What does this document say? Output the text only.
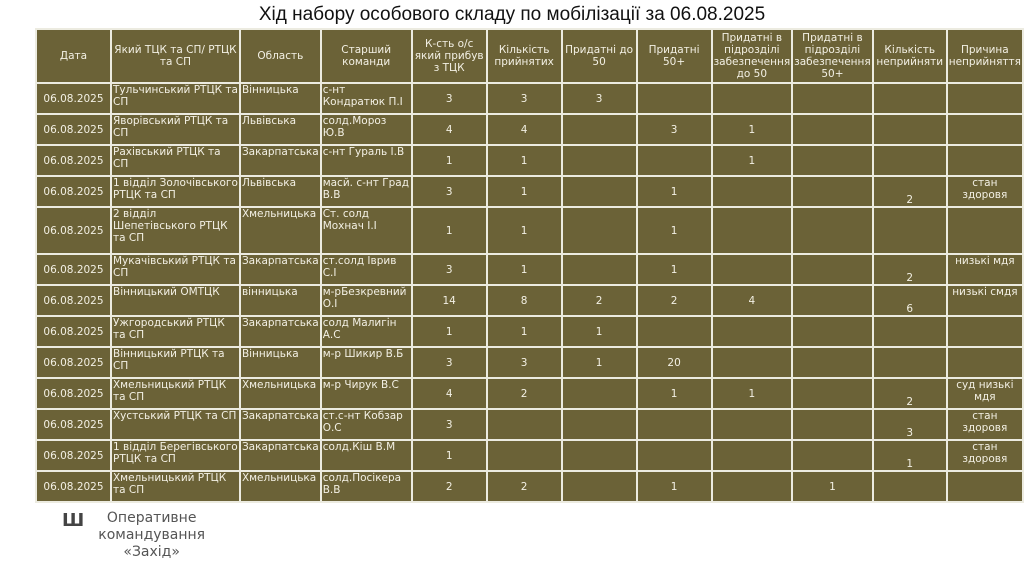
Хід набору особового складу по мобілізації за 06.08.2025
Дата	Який ТЦК та СП/ РТЦК та СП	Область	Старший команди	К-сть о/с який прибув з ТЦК	Кількість прийнятих	Придатні до 50	Придатні 50+	Придатні в підрозділі забезпечення до 50	Придатні в підрозділі забезпечення 50+	Кількість неприйняти	Причина неприйняття
06.08.2025	Тульчинський РТЦК та СП	Вінницька	с-нт Кондратюк П.І	3	3	3					
06.08.2025	Яворівський РТЦК та СП	Львівська	солд.Мороз Ю.В	4	4		3	1			
06.08.2025	Рахівський РТЦК та СП	Закарпатська	с-нт Гураль І.В	1	1			1			
06.08.2025	1 відділ Золочівського РТЦК та СП	Львівська	масй. с-нт Град В.В	3	1		1			2	стан здоровя
06.08.2025	2 відділ Шепетівського РТЦК та СП	Хмельницька	Ст. солд Мохнач І.І	1	1		1				
06.08.2025	Мукачівський РТЦК та СП	Закарпатська	ст.солд Іврив С.І	3	1		1			2	низькі мдя
06.08.2025	Вінницький ОМТЦК	вінницька	м-рБезкревний О.І	14	8	2	2	4		6	низькі смдя
06.08.2025	Ужгородський РТЦК та СП	Закарпатська	солд Малигін А.С	1	1	1					
06.08.2025	Вінницький РТЦК та СП	Вінницька	м-р Шикир В.Б	3	3	1	20				
06.08.2025	Хмельницький РТЦК та СП	Хмельницька	м-р Чирук В.С	4	2		1	1		2	суд низькі мдя
06.08.2025	Хустський РТЦК та СП	Закарпатська	ст.с-нт Кобзар О.С	3						3	стан здоровя
06.08.2025	1 відділ Берегівського РТЦК та СП	Закарпатська	солд.Кіш В.М	1						1	стан здоровя
06.08.2025	Хмельницький РТЦК та СП	Хмельницька	солд.Посікера В.В	2	2		1		1		
Ш	Оперативне
командування
«Захід»
